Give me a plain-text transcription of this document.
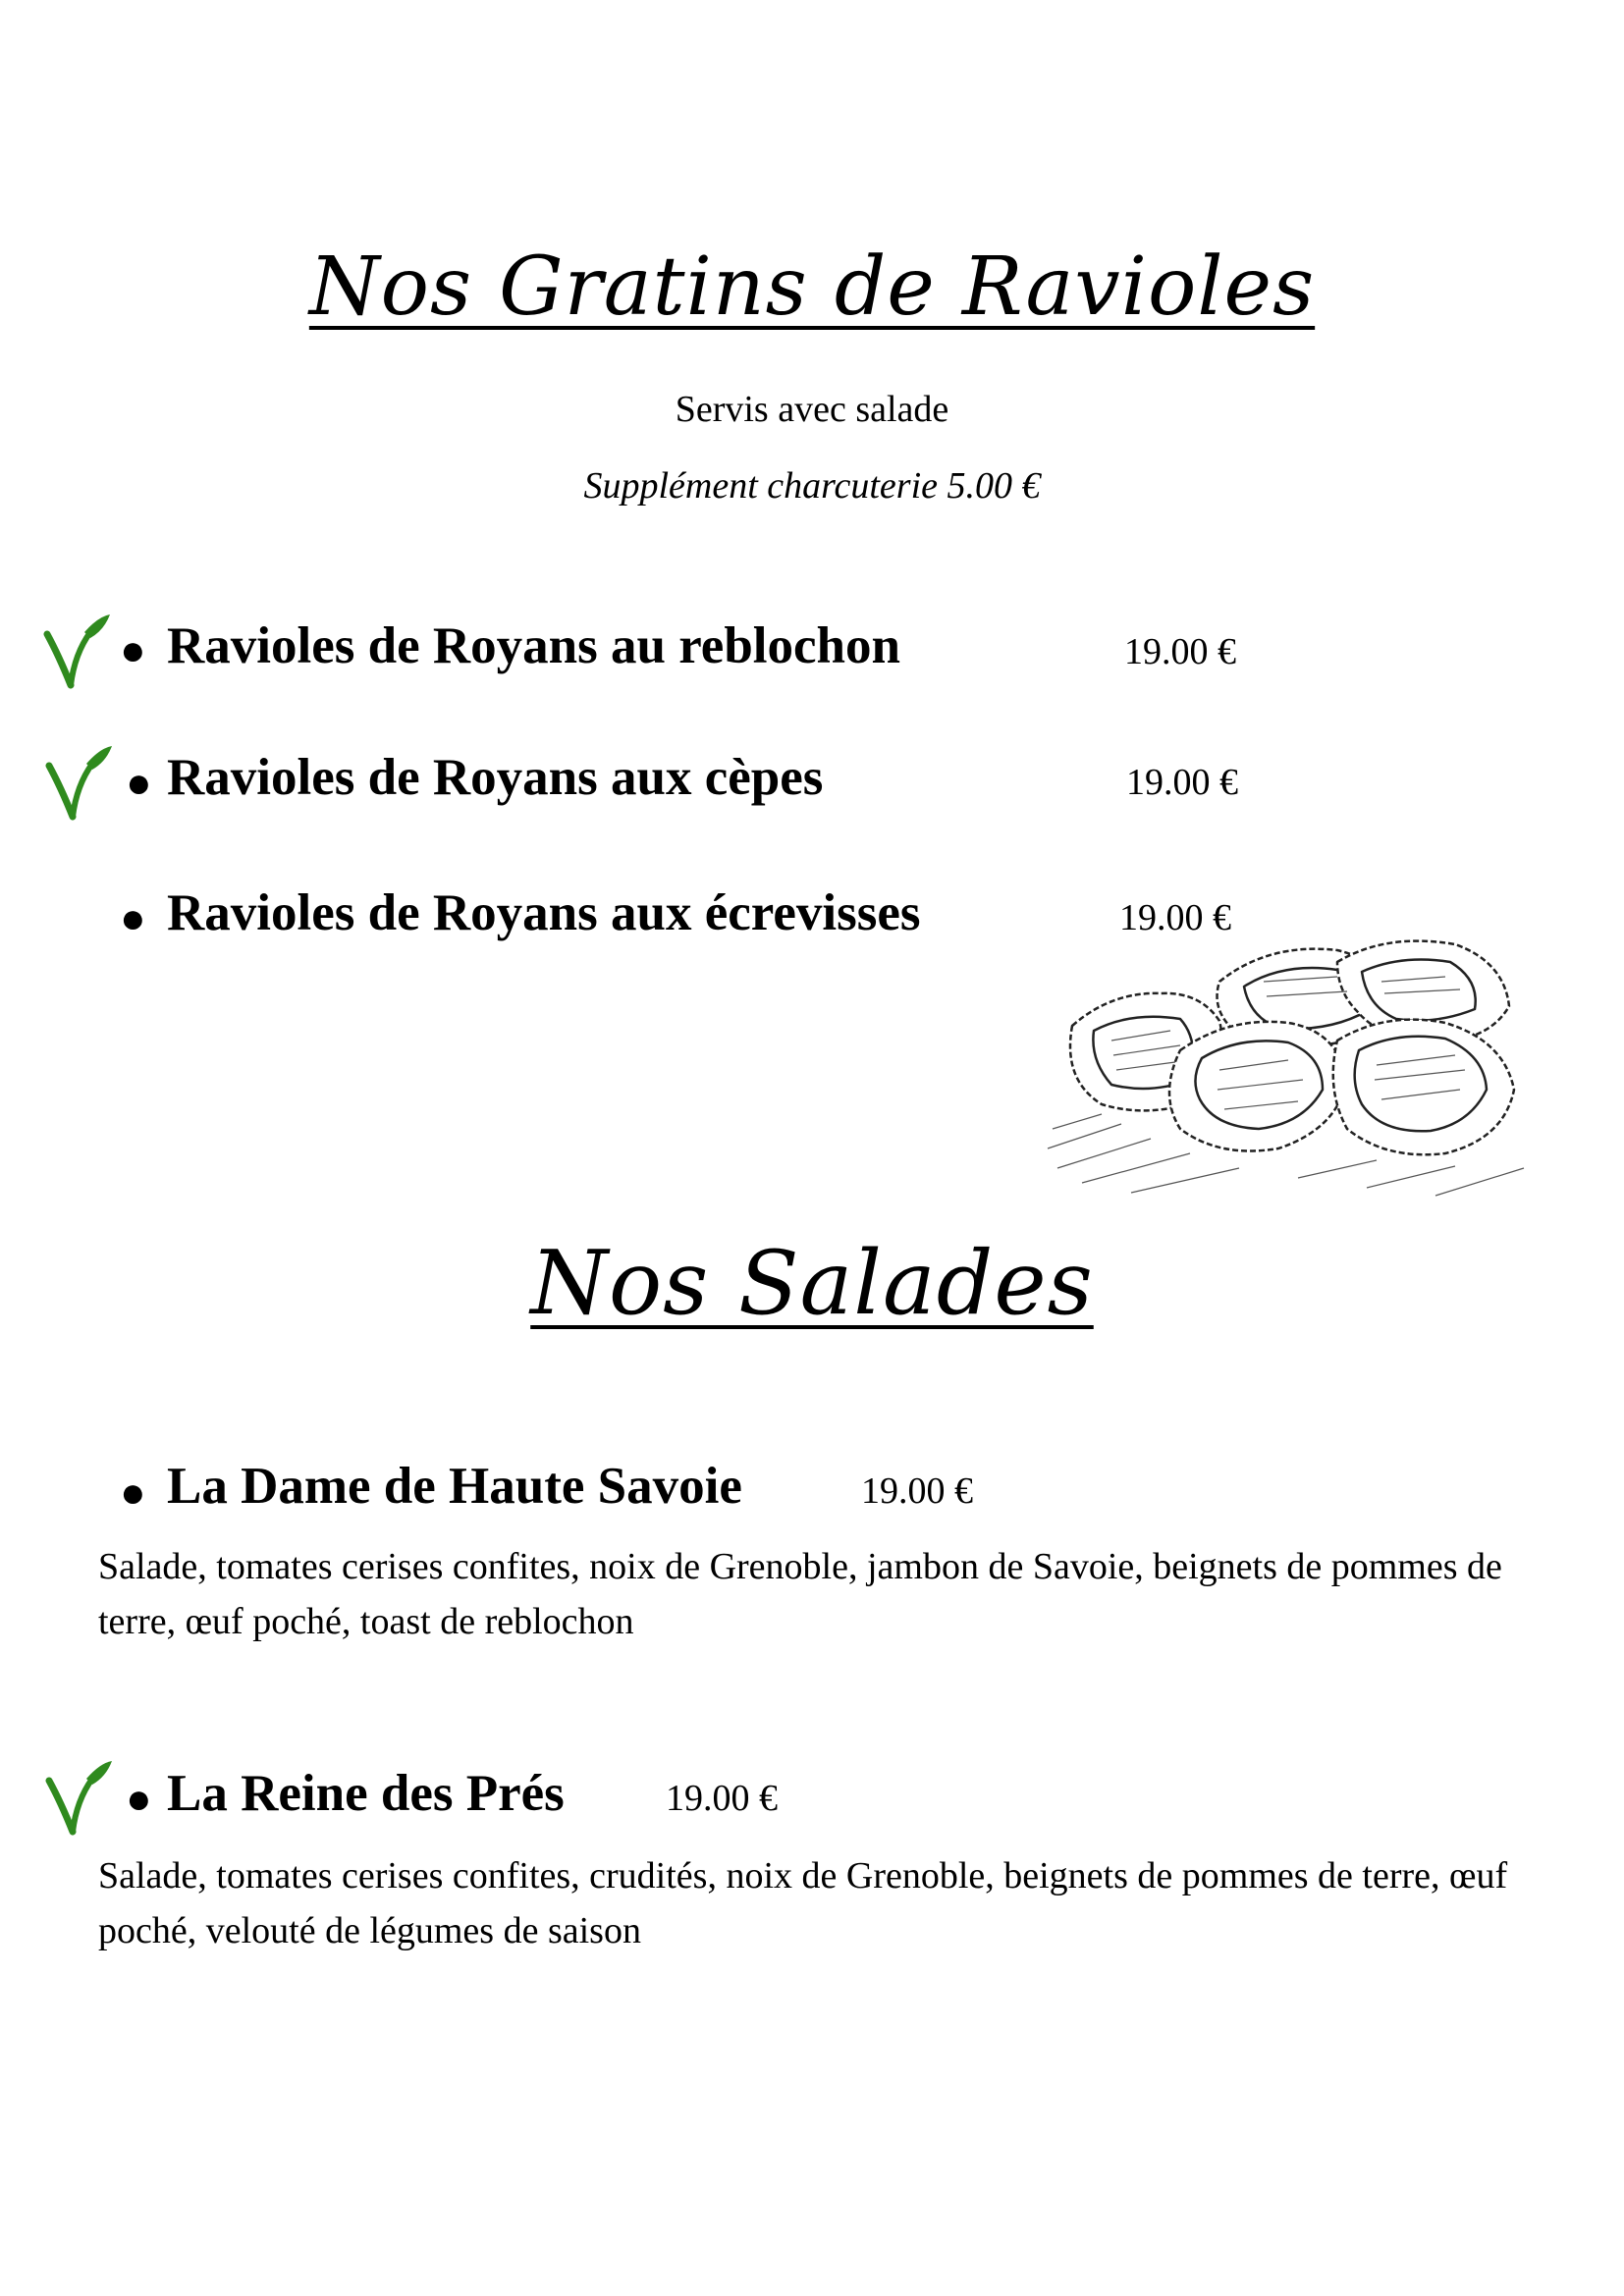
Nos Gratins de Ravioles
Servis avec salade
Supplément charcuterie 5.00 €
● Ravioles de Royans au reblochon	19.00 €
● Ravioles de Royans aux cèpes	19.00 €
● Ravioles de Royans aux écrevisses	19.00 €
Nos Salades
● La Dame de Haute Savoie	19.00 €
Salade, tomates cerises confites, noix de Grenoble, jambon de Savoie, beignets de pommes de terre, œuf poché, toast de reblochon
● La Reine des Prés	19.00 €
Salade, tomates cerises confites, crudités, noix de Grenoble, beignets de pommes de terre, œuf poché, velouté de légumes de saison
